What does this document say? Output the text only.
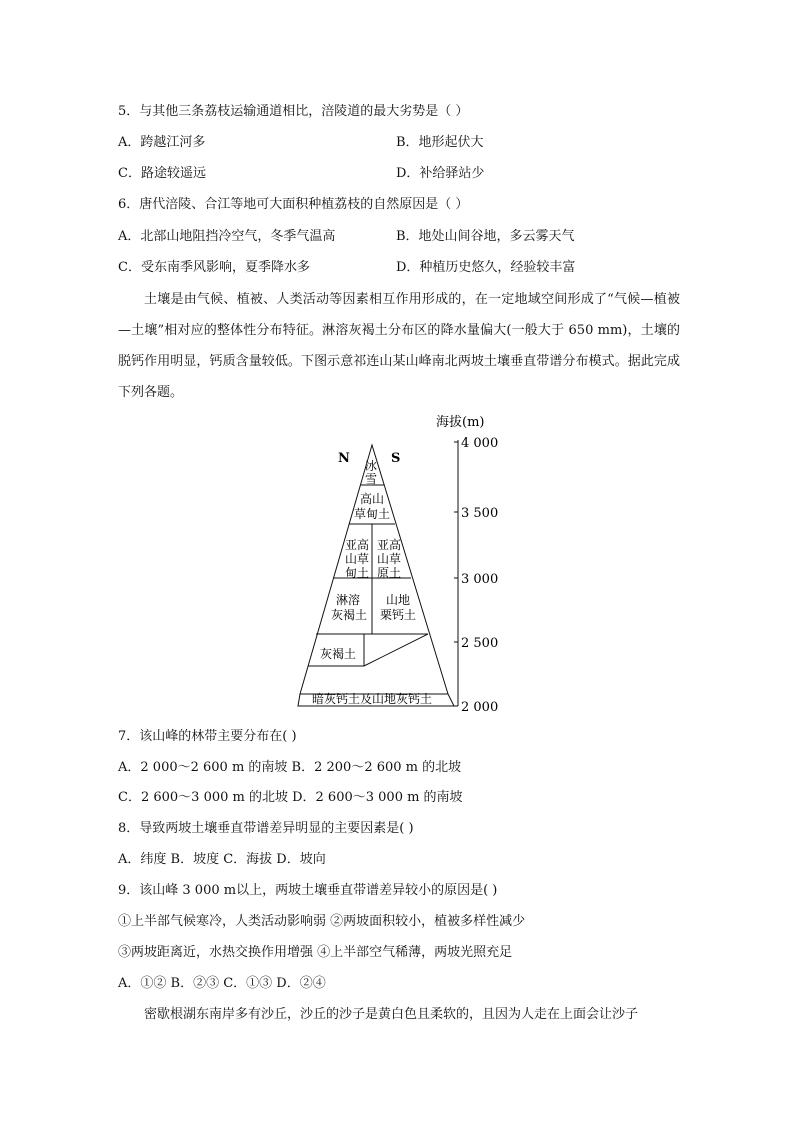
5．与其他三条荔枝运输通道相比，涪陵道的最大劣势是（ ）
A．跨越江河多	B．地形起伏大
C．路途较遥远	D．补给驿站少
6．唐代涪陵、合江等地可大面积种植荔枝的自然原因是（ ）
A．北部山地阻挡冷空气，冬季气温高	B．地处山间谷地，多云雾天气
C．受东南季风影响，夏季降水多	D．种植历史悠久，经验较丰富
土壤是由气候、植被、人类活动等因素相互作用形成的，在一定地域空间形成了“气候—植被—土壤”相对应的整体性分布特征。淋溶灰褐土分布区的降水量偏大(一般大于 650 mm)，土壤的脱钙作用明显，钙质含量较低。下图示意祁连山某山峰南北两坡土壤垂直带谱分布模式。据此完成下列各题。
海拔(m)
4 000
3 500
3 000
2 500
2 000
N	S
冰
雪
高山
草甸土
亚高
山草
甸土
亚高
山草
原土
淋溶
灰褐土
山地
栗钙土
灰褐土
暗灰钙土及山地灰钙土
7．该山峰的林带主要分布在( )
A．2 000～2 600 m 的南坡 B．2 200～2 600 m 的北坡
C．2 600～3 000 m 的北坡 D．2 600～3 000 m 的南坡
8．导致两坡土壤垂直带谱差异明显的主要因素是( )
A．纬度 B．坡度 C．海拔 D．坡向
9．该山峰 3 000 m以上，两坡土壤垂直带谱差异较小的原因是( )
①上半部气候寒冷，人类活动影响弱 ②两坡面积较小，植被多样性减少
③两坡距离近，水热交换作用增强 ④上半部空气稀薄，两坡光照充足
A．①② B．②③ C．①③ D．②④
密歇根湖东南岸多有沙丘，沙丘的沙子是黄白色且柔软的，且因为人走在上面会让沙子
